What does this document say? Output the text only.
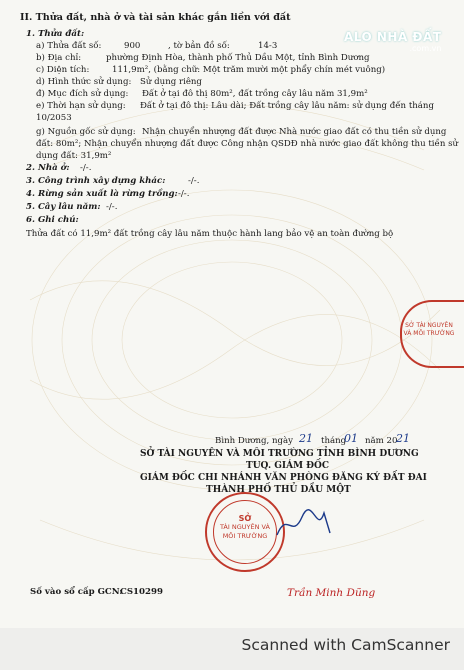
ALO NHÀ ĐẤT
.com.vn
II. Thửa đất, nhà ở và tài sản khác gắn liền với đất
1. Thửa đất:
a) Thửa đất số:	900	, tờ bản đồ số:	14-3
b) Địa chỉ:	phường Định Hòa, thành phố Thủ Dầu Một, tỉnh Bình Dương
c) Diện tích:	111,9m², (bằng chữ: Một trăm mười một phẩy chín mét vuông)
d) Hình thức sử dụng: Sử dụng riêng
đ) Mục đích sử dụng: Đất ở tại đô thị 80m², đất trồng cây lâu năm 31,9m²
e) Thời hạn sử dụng: Đất ở tại đô thị: Lâu dài; Đất trồng cây lâu năm: sử dụng đến tháng
10/2053
g) Nguồn gốc sử dụng: Nhận chuyển nhượng đất được Nhà nước giao đất có thu tiền sử dụng
đất: 80m²; Nhận chuyển nhượng đất được Công nhận QSDĐ nhà nước giao đất không thu tiền sử
dụng đất: 31,9m²
2. Nhà ở: -/-.
3. Công trình xây dựng khác:	-/-.
4. Rừng sản xuất là rừng trồng: -/-.
5. Cây lâu năm: -/-.
6. Ghi chú:
Thửa đất có 11,9m² đất trồng cây lâu năm thuộc hành lang bảo vệ an toàn đường bộ
SỞ TÀI NGUYÊN VÀ MÔI TRƯỜNG
Bình Dương, ngày 21 tháng
01 năm 20
21
SỞ TÀI NGUYÊN VÀ MÔI TRƯỜNG TỈNH BÌNH DƯƠNG
TUQ. GIÁM ĐỐC
GIÁM ĐỐC CHI NHÁNH VĂN PHÒNG ĐĂNG KÝ ĐẤT ĐAI
THÀNH PHỐ THỦ DẦU MỘT
SỞ
TÀI NGUYÊN VÀ
MÔI TRƯỜNG
Trần Minh Dũng
Số vào sổ cấp GCN:
CS10299
Scanned with CamScanner
